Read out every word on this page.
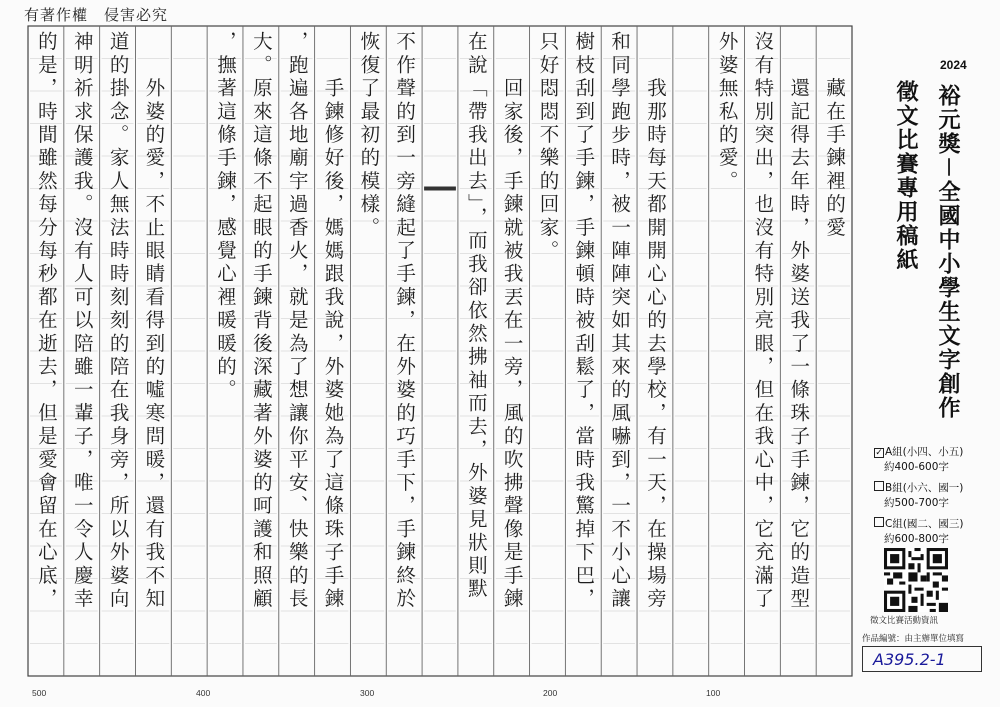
有著作權　侵害必究
　　藏在手鍊裡的愛
　　還記得去年時，外婆送我了一條珠子手鍊，它的造型
沒有特別突出，也沒有特別亮眼，但在我心中，它充滿了
外婆無私的愛。
　　我那時每天都開開心心的去學校，有一天，在操場旁
和同學跑步時，被一陣陣突如其來的風嚇到，一不小心讓
樹枝刮到了手鍊，手鍊頓時被刮鬆了，當時我驚掉下巴，
只好悶悶不樂的回家。
　　回家後，手鍊就被我丟在一旁，風的吹拂聲像是手鍊
在說「帶我出去」，而我卻依然拂袖而去，外婆見狀則默
不作聲的到一旁縫起了手鍊，在外婆的巧手下，手鍊終於
恢復了最初的模樣。
　　手鍊修好後，媽媽跟我說，外婆她為了這條珠子手鍊
，跑遍各地廟宇過香火，就是為了想讓你平安、快樂的長
大。原來這條不起眼的手鍊背後深藏著外婆的呵護和照顧
，撫著這條手鍊，感覺心裡暖暖的。
　　外婆的愛，不止眼睛看得到的噓寒問暖，還有我不知
道的掛念。家人無法時時刻刻的陪在我身旁，所以外婆向
神明祈求保護我。沒有人可以陪雖一輩子，唯一令人慶幸
的是，時間雖然每分每秒都在逝去，但是愛會留在心底，	2024
裕元獎－全國中小學生文字創作
徵文比賽專用稿紙
✓ A組(小四、小五)
約400-600字
B組(小六、國一)
約500-700字
C組(國二、國三)
約600-800字
徵文比賽活動資訊
作品編號：由主辦單位填寫
A395.2-1
100
200
300
400
500
